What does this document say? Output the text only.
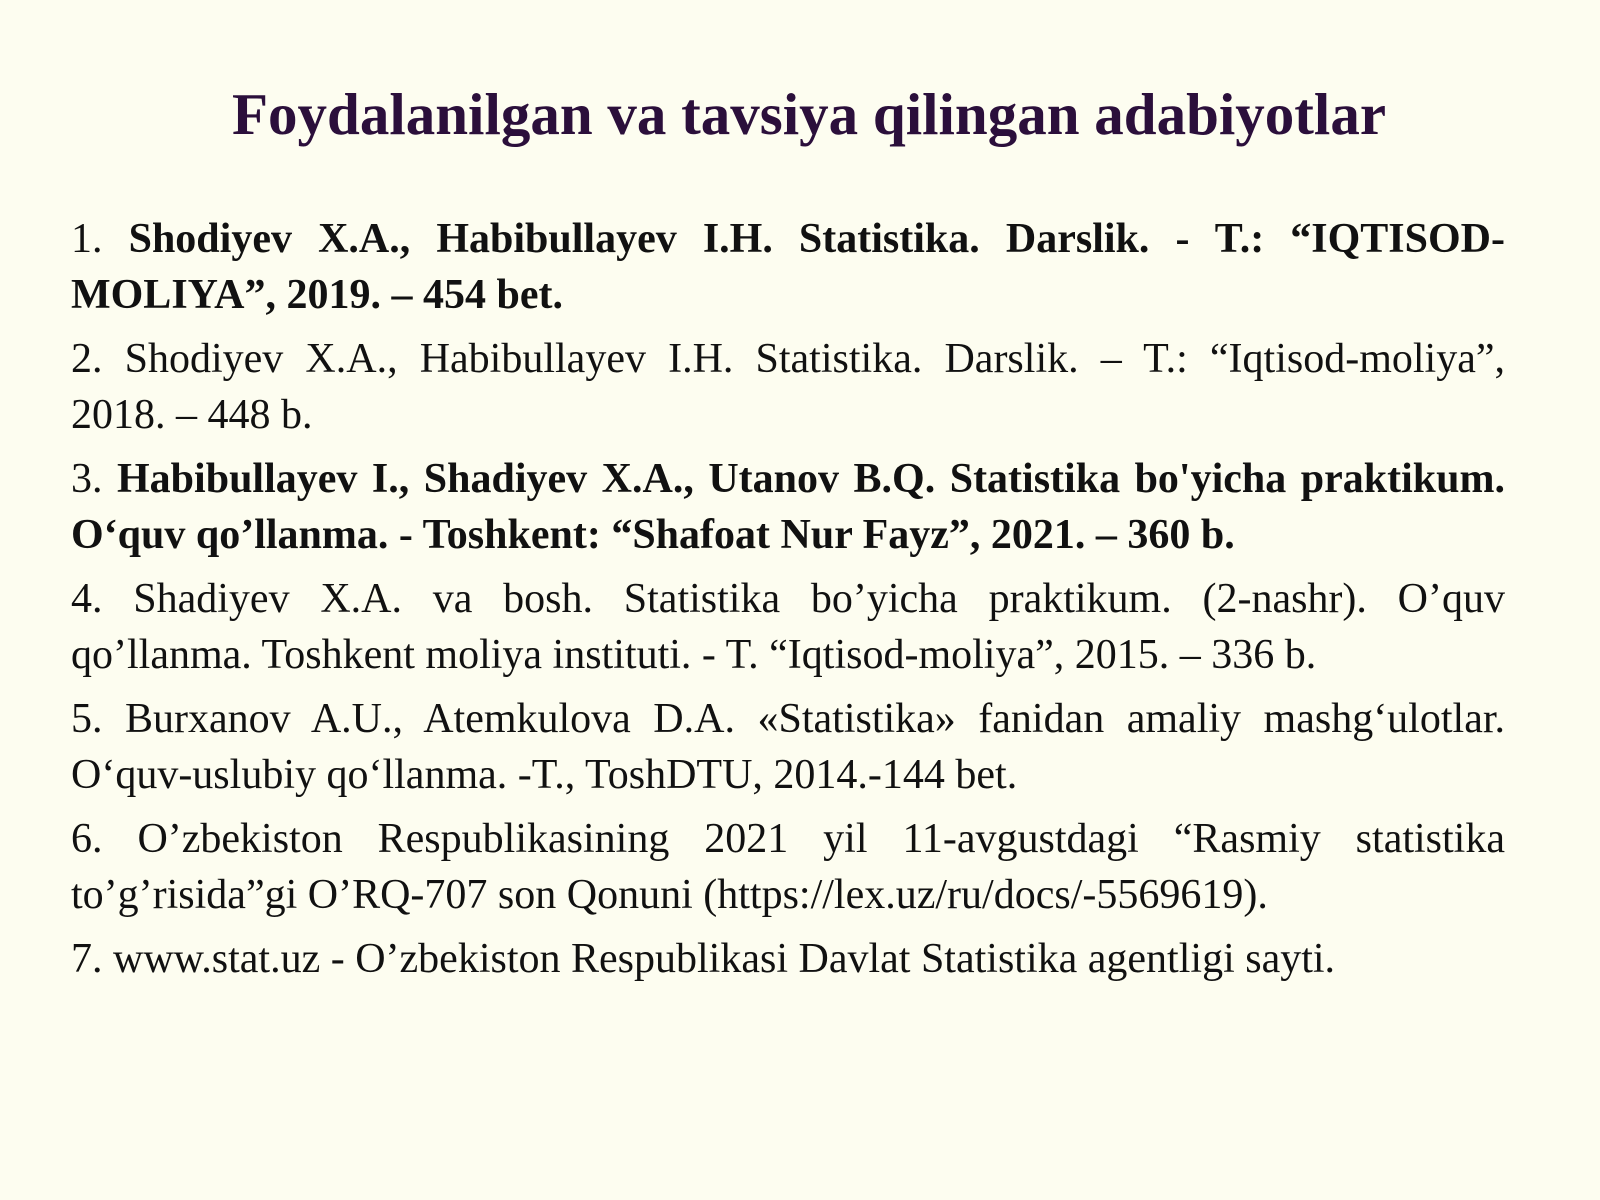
Foydalanilgan va tavsiya qilingan adabiyotlar
1. Shodiyev X.A., Habibullayev I.H. Statistika. Darslik. - T.: “IQTISOD-MOLIYA”, 2019. – 454 bet.
2. Shodiyev X.A., Habibullayev I.H. Statistika. Darslik. – T.: “Iqtisod-moliya”, 2018. – 448 b.
3. Habibullayev I., Shadiyev X.A., Utanov B.Q. Statistika bo'yicha praktikum. O‘quv qo’llanma. - Toshkent: “Shafoat Nur Fayz”, 2021. – 360 b.
4. Shadiyev X.A. va bosh. Statistika bo’yicha praktikum. (2-nashr). O’quv qo’llanma. Toshkent moliya instituti. - T. “Iqtisod-moliya”, 2015. – 336 b.
5. Burxanov A.U., Atemkulova D.A. «Statistika» fanidan amaliy mashg‘ulotlar. O‘quv-uslubiy qo‘llanma. -T., ToshDTU, 2014.-144 bet.
6. O’zbekiston Respublikasining 2021 yil 11-avgustdagi “Rasmiy statistika to’g’risida”gi O’RQ-707 son Qonuni (https://lex.uz/ru/docs/-5569619).
7. www.stat.uz - O’zbekiston Respublikasi Davlat Statistika agentligi sayti.
